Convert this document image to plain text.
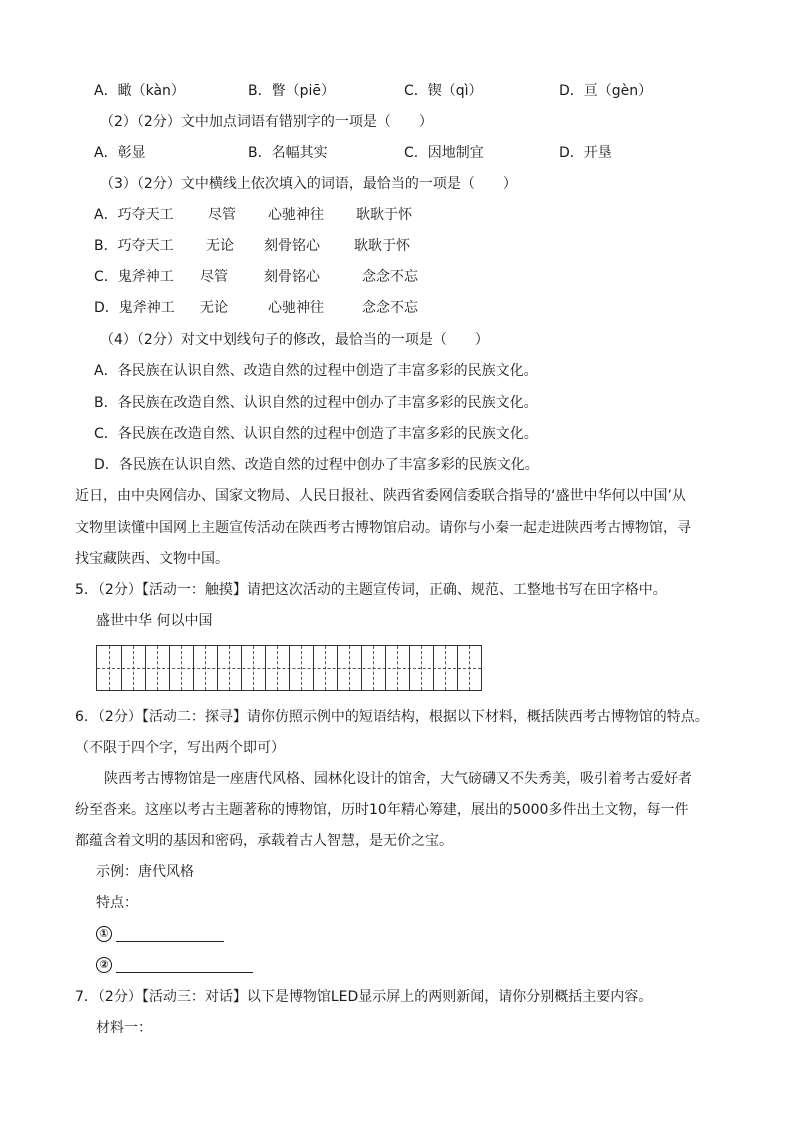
A．瞰（kàn）	B．瞥（piē）	C．锲（qì）	D．亘（gèn）
（2）（2分）文中加点词语有错别字的一项是（　　）
A．彰显	B．名幅其实	C．因地制宜	D．开垦
（3）（2分）文中横线上依次填入的词语，最恰当的一项是（　　）
A．巧夺天工 尽管 心驰神往 耿耿于怀
B．巧夺天工 无论 刻骨铭心 耿耿于怀
C．鬼斧神工 尽管	刻骨铭心	念念不忘
D．鬼斧神工 无论	心驰神往	念念不忘
（4）（2分）对文中划线句子的修改，最恰当的一项是（　　）
A．各民族在认识自然、改造自然的过程中创造了丰富多彩的民族文化。
B．各民族在改造自然、认识自然的过程中创办了丰富多彩的民族文化。
C．各民族在改造自然、认识自然的过程中创造了丰富多彩的民族文化。
D．各民族在认识自然、改造自然的过程中创办了丰富多彩的民族文化。
近日，由中央网信办、国家文物局、人民日报社、陕西省委网信委联合指导的‘盛世中华何以中国’从
文物里读懂中国网上主题宣传活动在陕西考古博物馆启动。请你与小秦一起走进陕西考古博物馆，寻
找宝藏陕西、文物中国。
5．（2分）【活动一：触摸】请把这次活动的主题宣传词，正确、规范、工整地书写在田字格中。
盛世中华 何以中国
6．（2分）【活动二：探寻】请你仿照示例中的短语结构，根据以下材料，概括陕西考古博物馆的特点。
（不限于四个字，写出两个即可）
陕西考古博物馆是一座唐代风格、园林化设计的馆舍，大气磅礴又不失秀美，吸引着考古爱好者
纷至沓来。这座以考古主题著称的博物馆，历时10年精心筹建，展出的5000多件出土文物，每一件
都蕴含着文明的基因和密码，承载着古人智慧，是无价之宝。
示例：唐代风格
特点：
①
②
7．（2分）【活动三：对话】以下是博物馆LED显示屏上的两则新闻，请你分别概括主要内容。
材料一：
